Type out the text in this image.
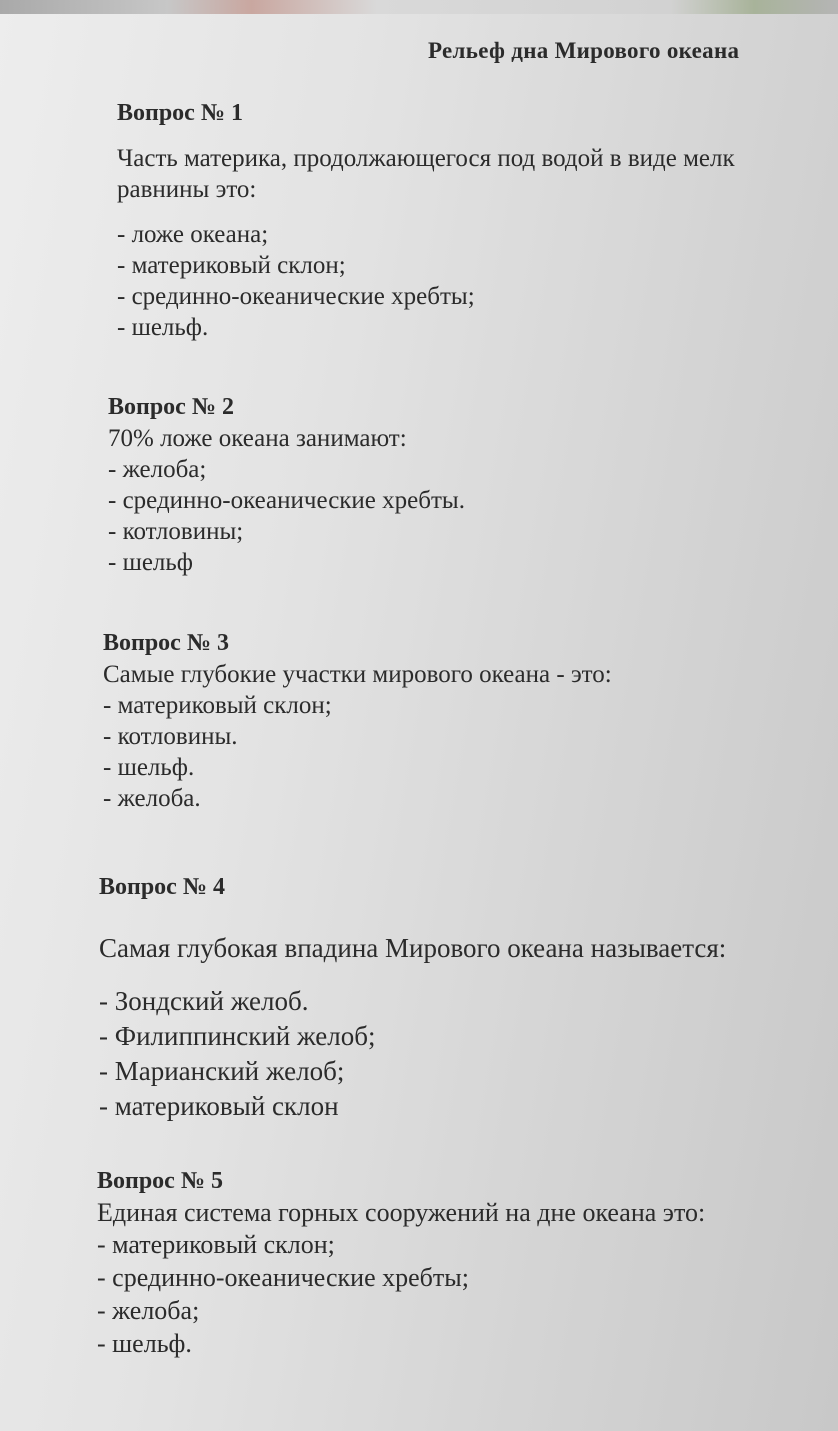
Рельеф дна Мирового океана
Вопрос № 1
Часть материка, продолжающегося под водой в виде мелк
равнины это:
- ложе океана;
- материковый склон;
- срединно-океанические хребты;
- шельф.
Вопрос № 2
70% ложе океана занимают:
- желоба;
- срединно-океанические хребты.
- котловины;
- шельф
Вопрос № 3
Самые глубокие участки мирового океана - это:
- материковый склон;
- котловины.
- шельф.
- желоба.
Вопрос № 4
Самая глубокая впадина Мирового океана называется:
- Зондский желоб.
- Филиппинский желоб;
- Марианский желоб;
- материковый склон
Вопрос № 5
Единая система горных сооружений на дне океана это:
- материковый склон;
- срединно-океанические хребты;
- желоба;
- шельф.
